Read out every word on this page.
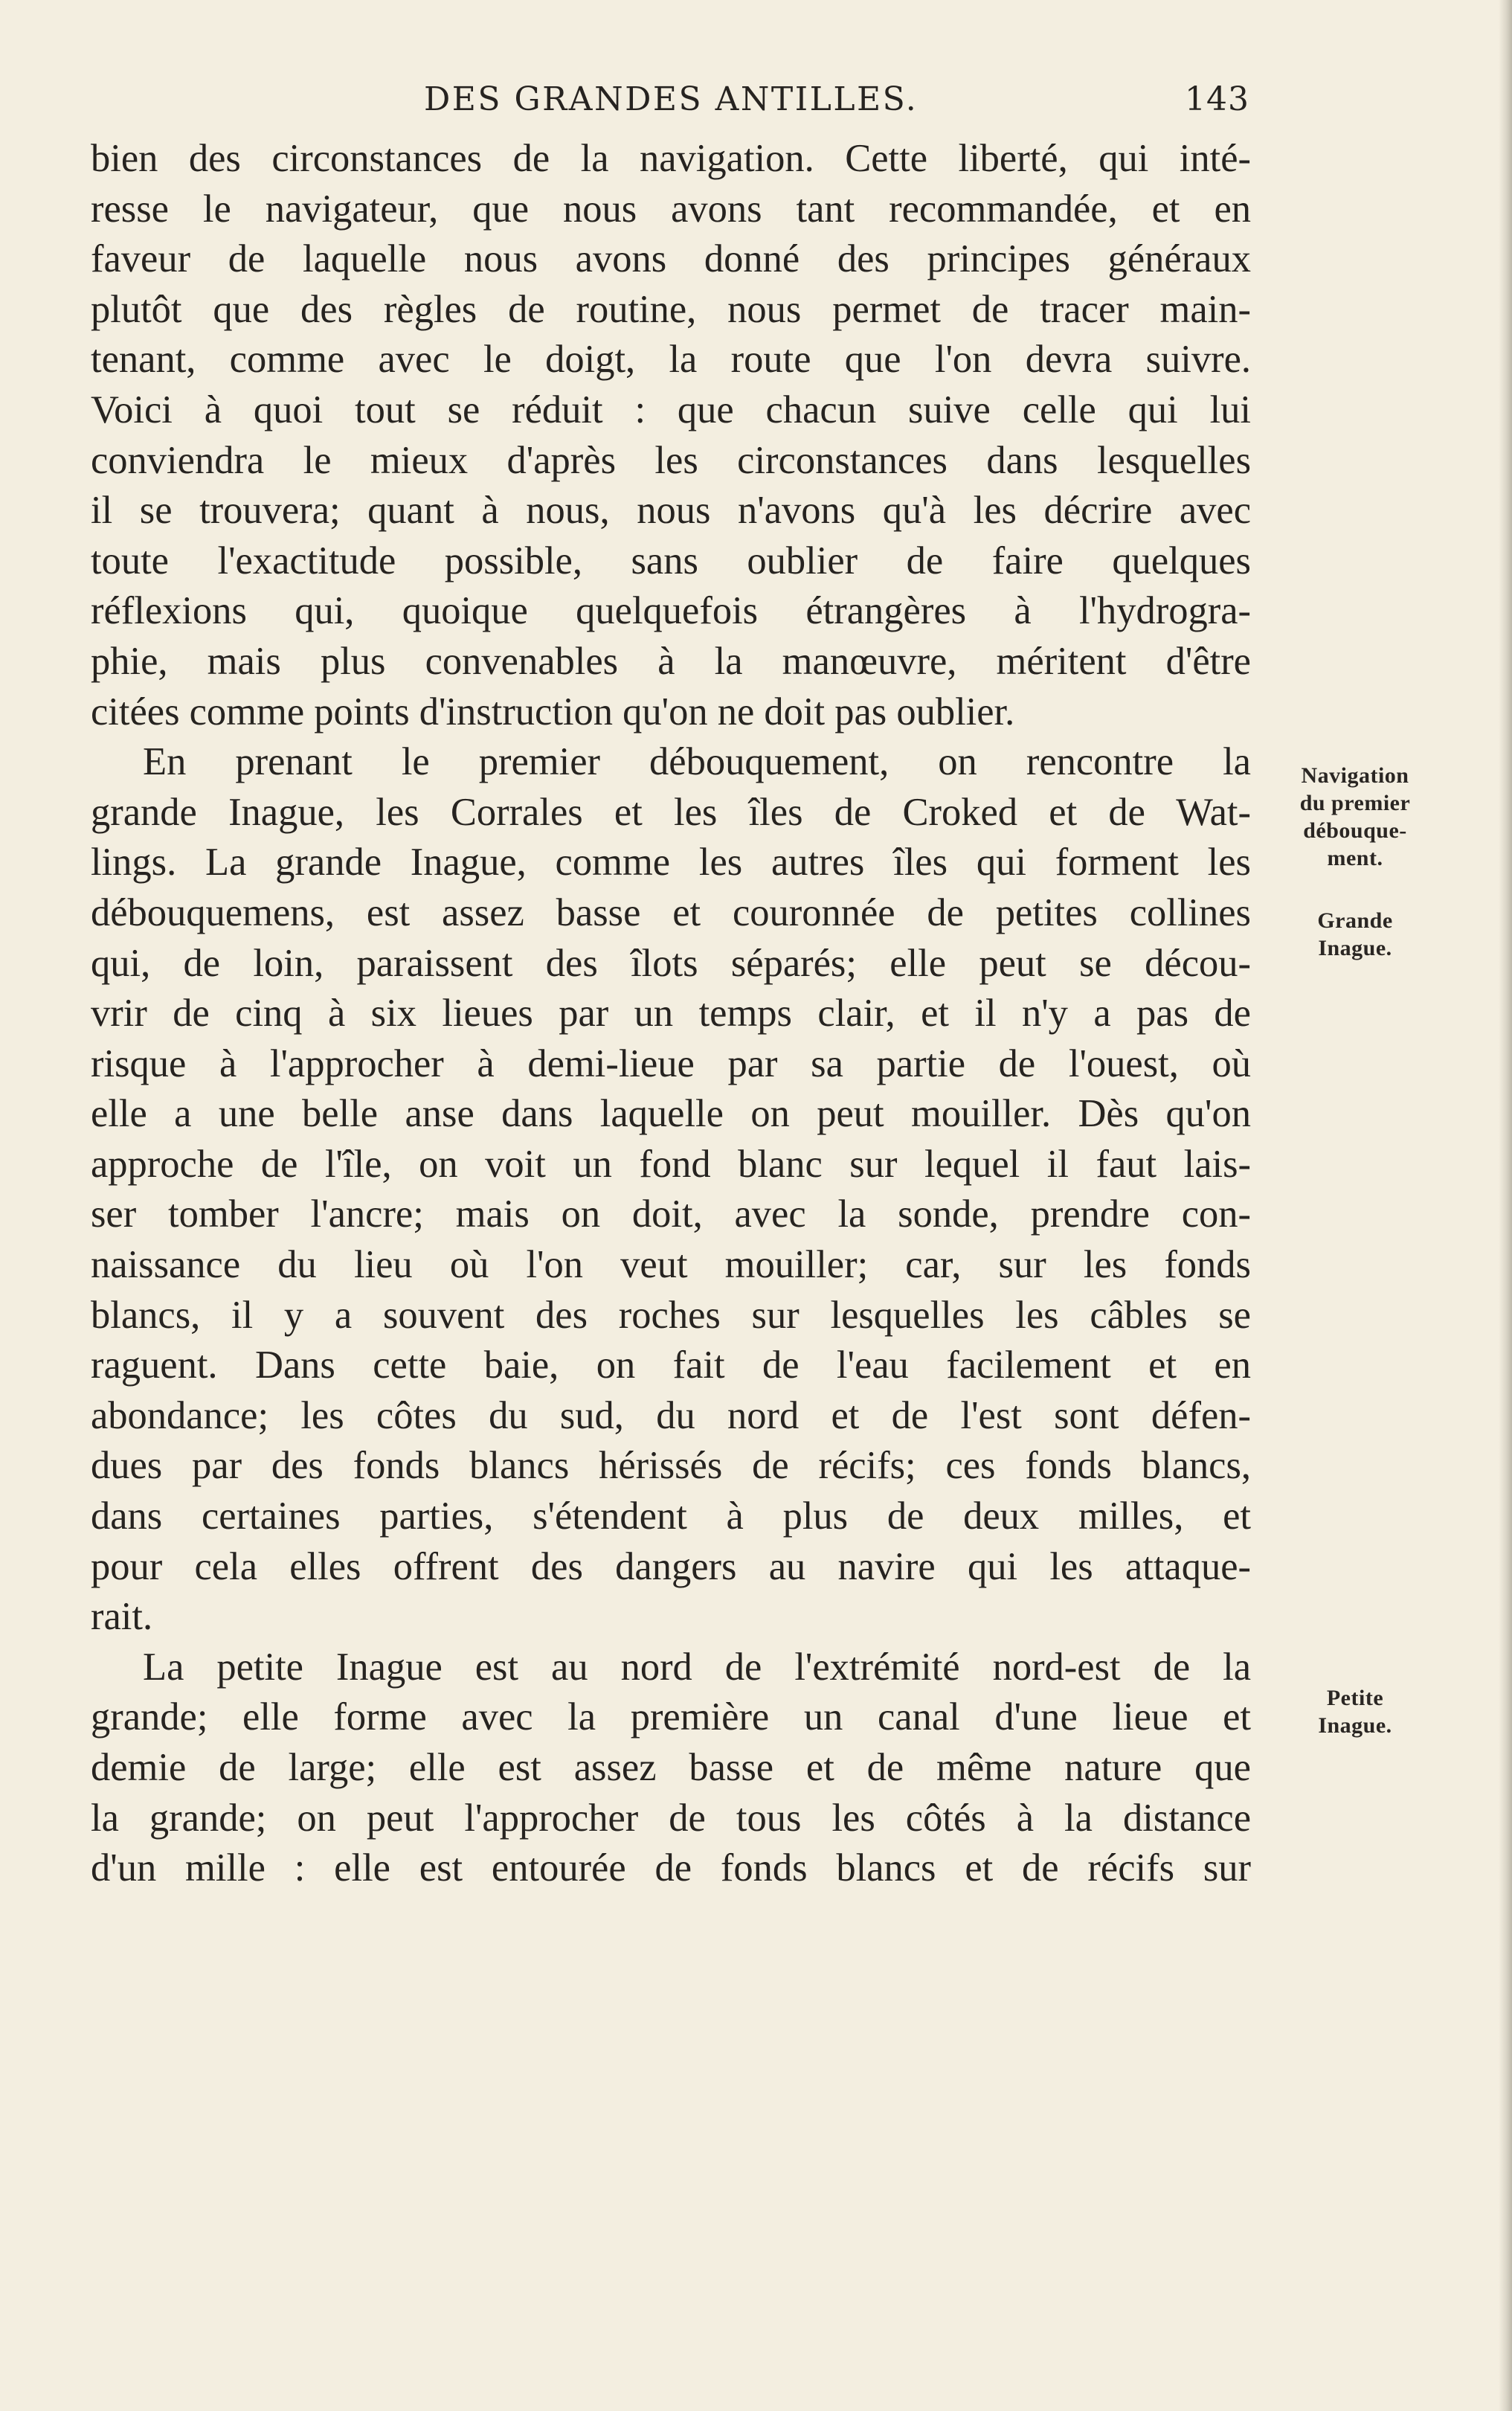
DES GRANDES ANTILLES.	143
bien des circonstances de la navigation. Cette liberté, qui inté-
resse le navigateur, que nous avons tant recommandée, et en
faveur de laquelle nous avons donné des principes généraux
plutôt que des règles de routine, nous permet de tracer main-
tenant, comme avec le doigt, la route que l'on devra suivre.
Voici à quoi tout se réduit : que chacun suive celle qui lui
conviendra le mieux d'après les circonstances dans lesquelles
il se trouvera; quant à nous, nous n'avons qu'à les décrire avec
toute l'exactitude possible, sans oublier de faire quelques
réflexions qui, quoique quelquefois étrangères à l'hydrogra-
phie, mais plus convenables à la manœuvre, méritent d'être
citées comme points d'instruction qu'on ne doit pas oublier.
En prenant le premier débouquement, on rencontre la
grande Inague, les Corrales et les îles de Croked et de Wat-
lings. La grande Inague, comme les autres îles qui forment les
débouquemens, est assez basse et couronnée de petites collines
qui, de loin, paraissent des îlots séparés; elle peut se décou-
vrir de cinq à six lieues par un temps clair, et il n'y a pas de
risque à l'approcher à demi-lieue par sa partie de l'ouest, où
elle a une belle anse dans laquelle on peut mouiller. Dès qu'on
approche de l'île, on voit un fond blanc sur lequel il faut lais-
ser tomber l'ancre; mais on doit, avec la sonde, prendre con-
naissance du lieu où l'on veut mouiller; car, sur les fonds
blancs, il y a souvent des roches sur lesquelles les câbles se
raguent. Dans cette baie, on fait de l'eau facilement et en
abondance; les côtes du sud, du nord et de l'est sont défen-
dues par des fonds blancs hérissés de récifs; ces fonds blancs,
dans certaines parties, s'étendent à plus de deux milles, et
pour cela elles offrent des dangers au navire qui les attaque-
rait.
La petite Inague est au nord de l'extrémité nord-est de la
grande; elle forme avec la première un canal d'une lieue et
demie de large; elle est assez basse et de même nature que
la grande; on peut l'approcher de tous les côtés à la distance
d'un mille : elle est entourée de fonds blancs et de récifs sur
Navigation
du premier
débouque-
ment.
Grande
Inague.
Petite
Inague.
